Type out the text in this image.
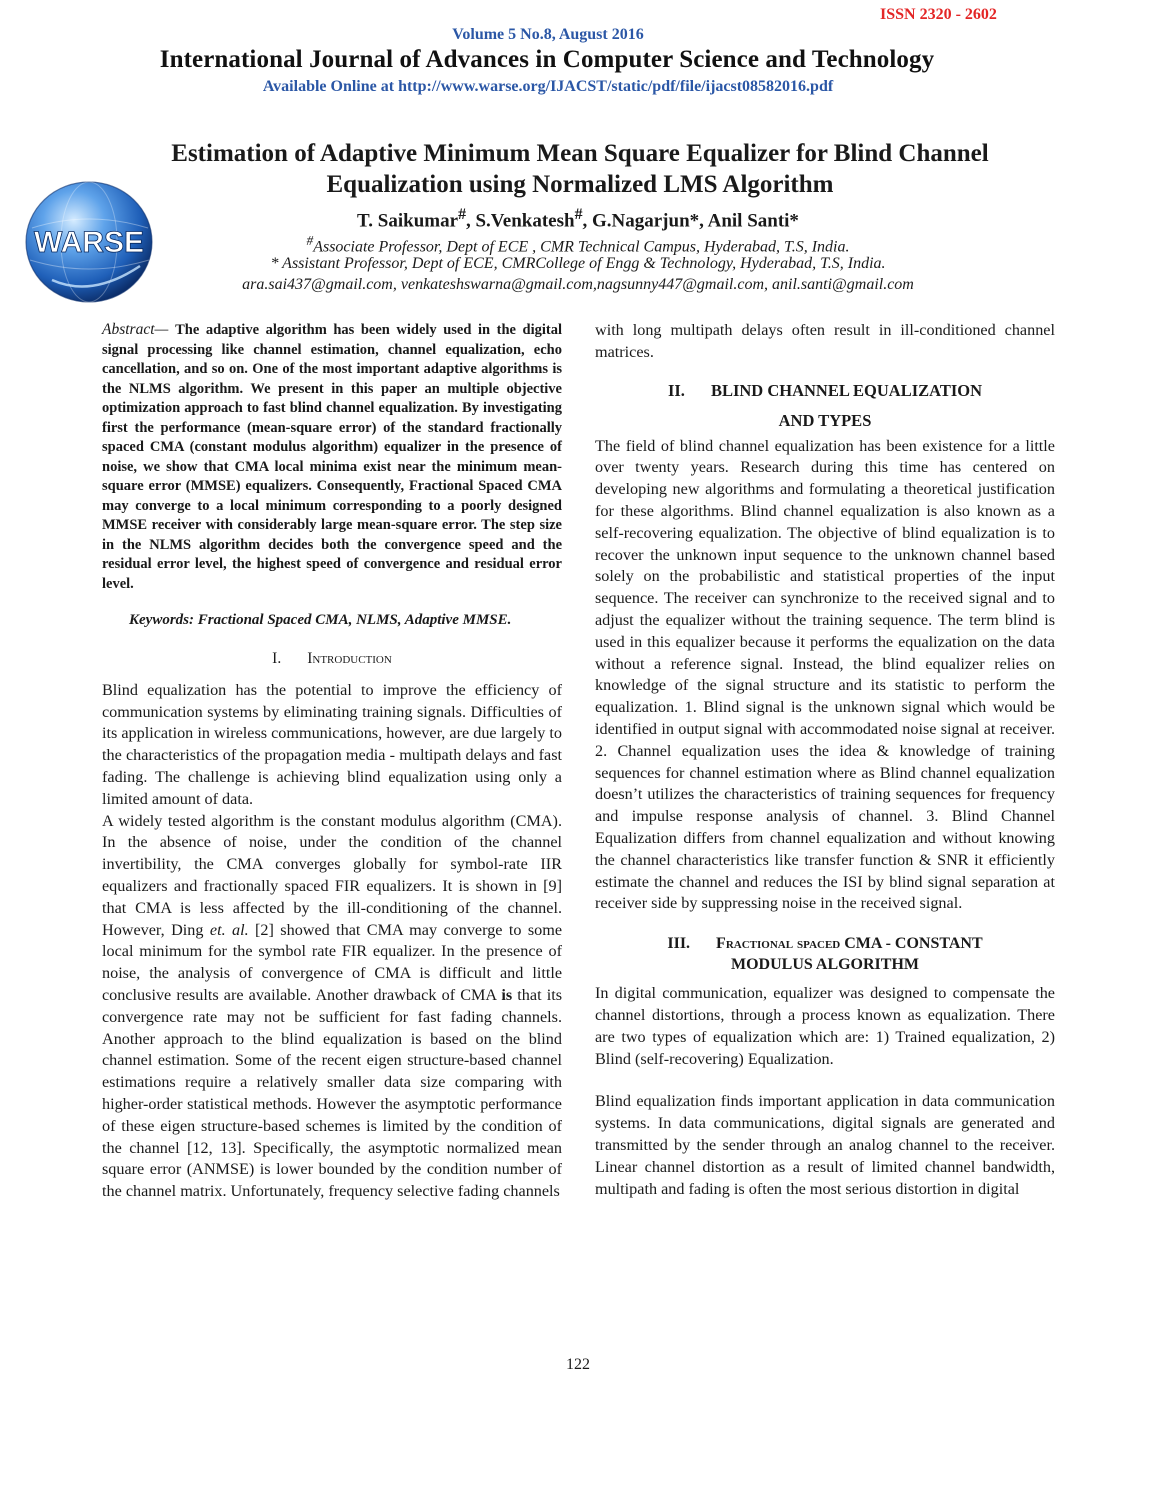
ISSN 2320 - 2602
Volume 5 No.8, August 2016
International Journal of Advances in Computer Science and Technology
Available Online at http://www.warse.org/IJACST/static/pdf/file/ijacst08582016.pdf
WARSE
Estimation of Adaptive Minimum Mean Square Equalizer for Blind Channel
Equalization using Normalized LMS Algorithm
T. Saikumar#, S.Venkatesh#, G.Nagarjun*, Anil Santi*
#Associate Professor, Dept of ECE , CMR Technical Campus, Hyderabad, T.S, India.
* Assistant Professor, Dept of ECE, CMRCollege of Engg & Technology, Hyderabad, T.S, India.
ara.sai437@gmail.com, venkateshswarna@gmail.com,nagsunny447@gmail.com, anil.santi@gmail.com

Abstract— The adaptive algorithm has been widely used in the digital signal processing like channel estimation, channel equalization, echo cancellation, and so on. One of the most important adaptive algorithms is the NLMS algorithm. We present in this paper an multiple objective optimization approach to fast blind channel equalization. By investigating first the performance (mean-square error) of the standard fractionally spaced CMA (constant modulus algorithm) equalizer in the presence of noise, we show that CMA local minima exist near the minimum mean-square error (MMSE) equalizers. Consequently, Fractional Spaced CMA may converge to a local minimum corresponding to a poorly designed MMSE receiver with considerably large mean-square error. The step size in the NLMS algorithm decides both the convergence speed and the residual error level, the highest speed of convergence and residual error level.

Keywords: Fractional Spaced CMA, NLMS, Adaptive MMSE.

I. Introduction

Blind equalization has the potential to improve the efficiency of communication systems by eliminating training signals. Difficulties of its application in wireless communications, however, are due largely to the characteristics of the propagation media - multipath delays and fast fading. The challenge is achieving blind equalization using only a limited amount of data.

A widely tested algorithm is the constant modulus algorithm (CMA). In the absence of noise, under the condition of the channel invertibility, the CMA converges globally for symbol-rate IIR equalizers and fractionally spaced FIR equalizers. It is shown in [9] that CMA is less affected by the ill-conditioning of the channel. However, Ding et. al. [2] showed that CMA may converge to some local minimum for the symbol rate FIR equalizer. In the presence of noise, the analysis of convergence of CMA is difficult and little conclusive results are available. Another drawback of CMA is that its convergence rate may not be sufficient for fast fading channels. Another approach to the blind equalization is based on the blind channel estimation. Some of the recent eigen structure-based channel estimations require a relatively smaller data size comparing with higher-order statistical methods. However the asymptotic performance of these eigen structure-based schemes is limited by the condition of the channel [12, 13]. Specifically, the asymptotic normalized mean square error (ANMSE) is lower bounded by the condition number of the channel matrix. Unfortunately, frequency selective fading channels

with long multipath delays often result in ill-conditioned channel matrices.

II. BLIND CHANNEL EQUALIZATION
AND TYPES

The field of blind channel equalization has been existence for a little over twenty years. Research during this time has centered on developing new algorithms and formulating a theoretical justification for these algorithms. Blind channel equalization is also known as a self-recovering equalization. The objective of blind equalization is to recover the unknown input sequence to the unknown channel based solely on the probabilistic and statistical properties of the input sequence. The receiver can synchronize to the received signal and to adjust the equalizer without the training sequence. The term blind is used in this equalizer because it performs the equalization on the data without a reference signal. Instead, the blind equalizer relies on knowledge of the signal structure and its statistic to perform the equalization. 1. Blind signal is the unknown signal which would be identified in output signal with accommodated noise signal at receiver. 2. Channel equalization uses the idea & knowledge of training sequences for channel estimation where as Blind channel equalization doesn’t utilizes the characteristics of training sequences for frequency and impulse response analysis of channel. 3. Blind Channel Equalization differs from channel equalization and without knowing the channel characteristics like transfer function & SNR it efficiently estimate the channel and reduces the ISI by blind signal separation at receiver side by suppressing noise in the received signal.

III. Fractional spaced CMA - CONSTANT
MODULUS ALGORITHM

In digital communication, equalizer was designed to compensate the channel distortions, through a process known as equalization. There are two types of equalization which are: 1) Trained equalization, 2) Blind (self-recovering) Equalization.

Blind equalization finds important application in data communication systems. In data communications, digital signals are generated and transmitted by the sender through an analog channel to the receiver. Linear channel distortion as a result of limited channel bandwidth, multipath and fading is often the most serious distortion in digital

122
